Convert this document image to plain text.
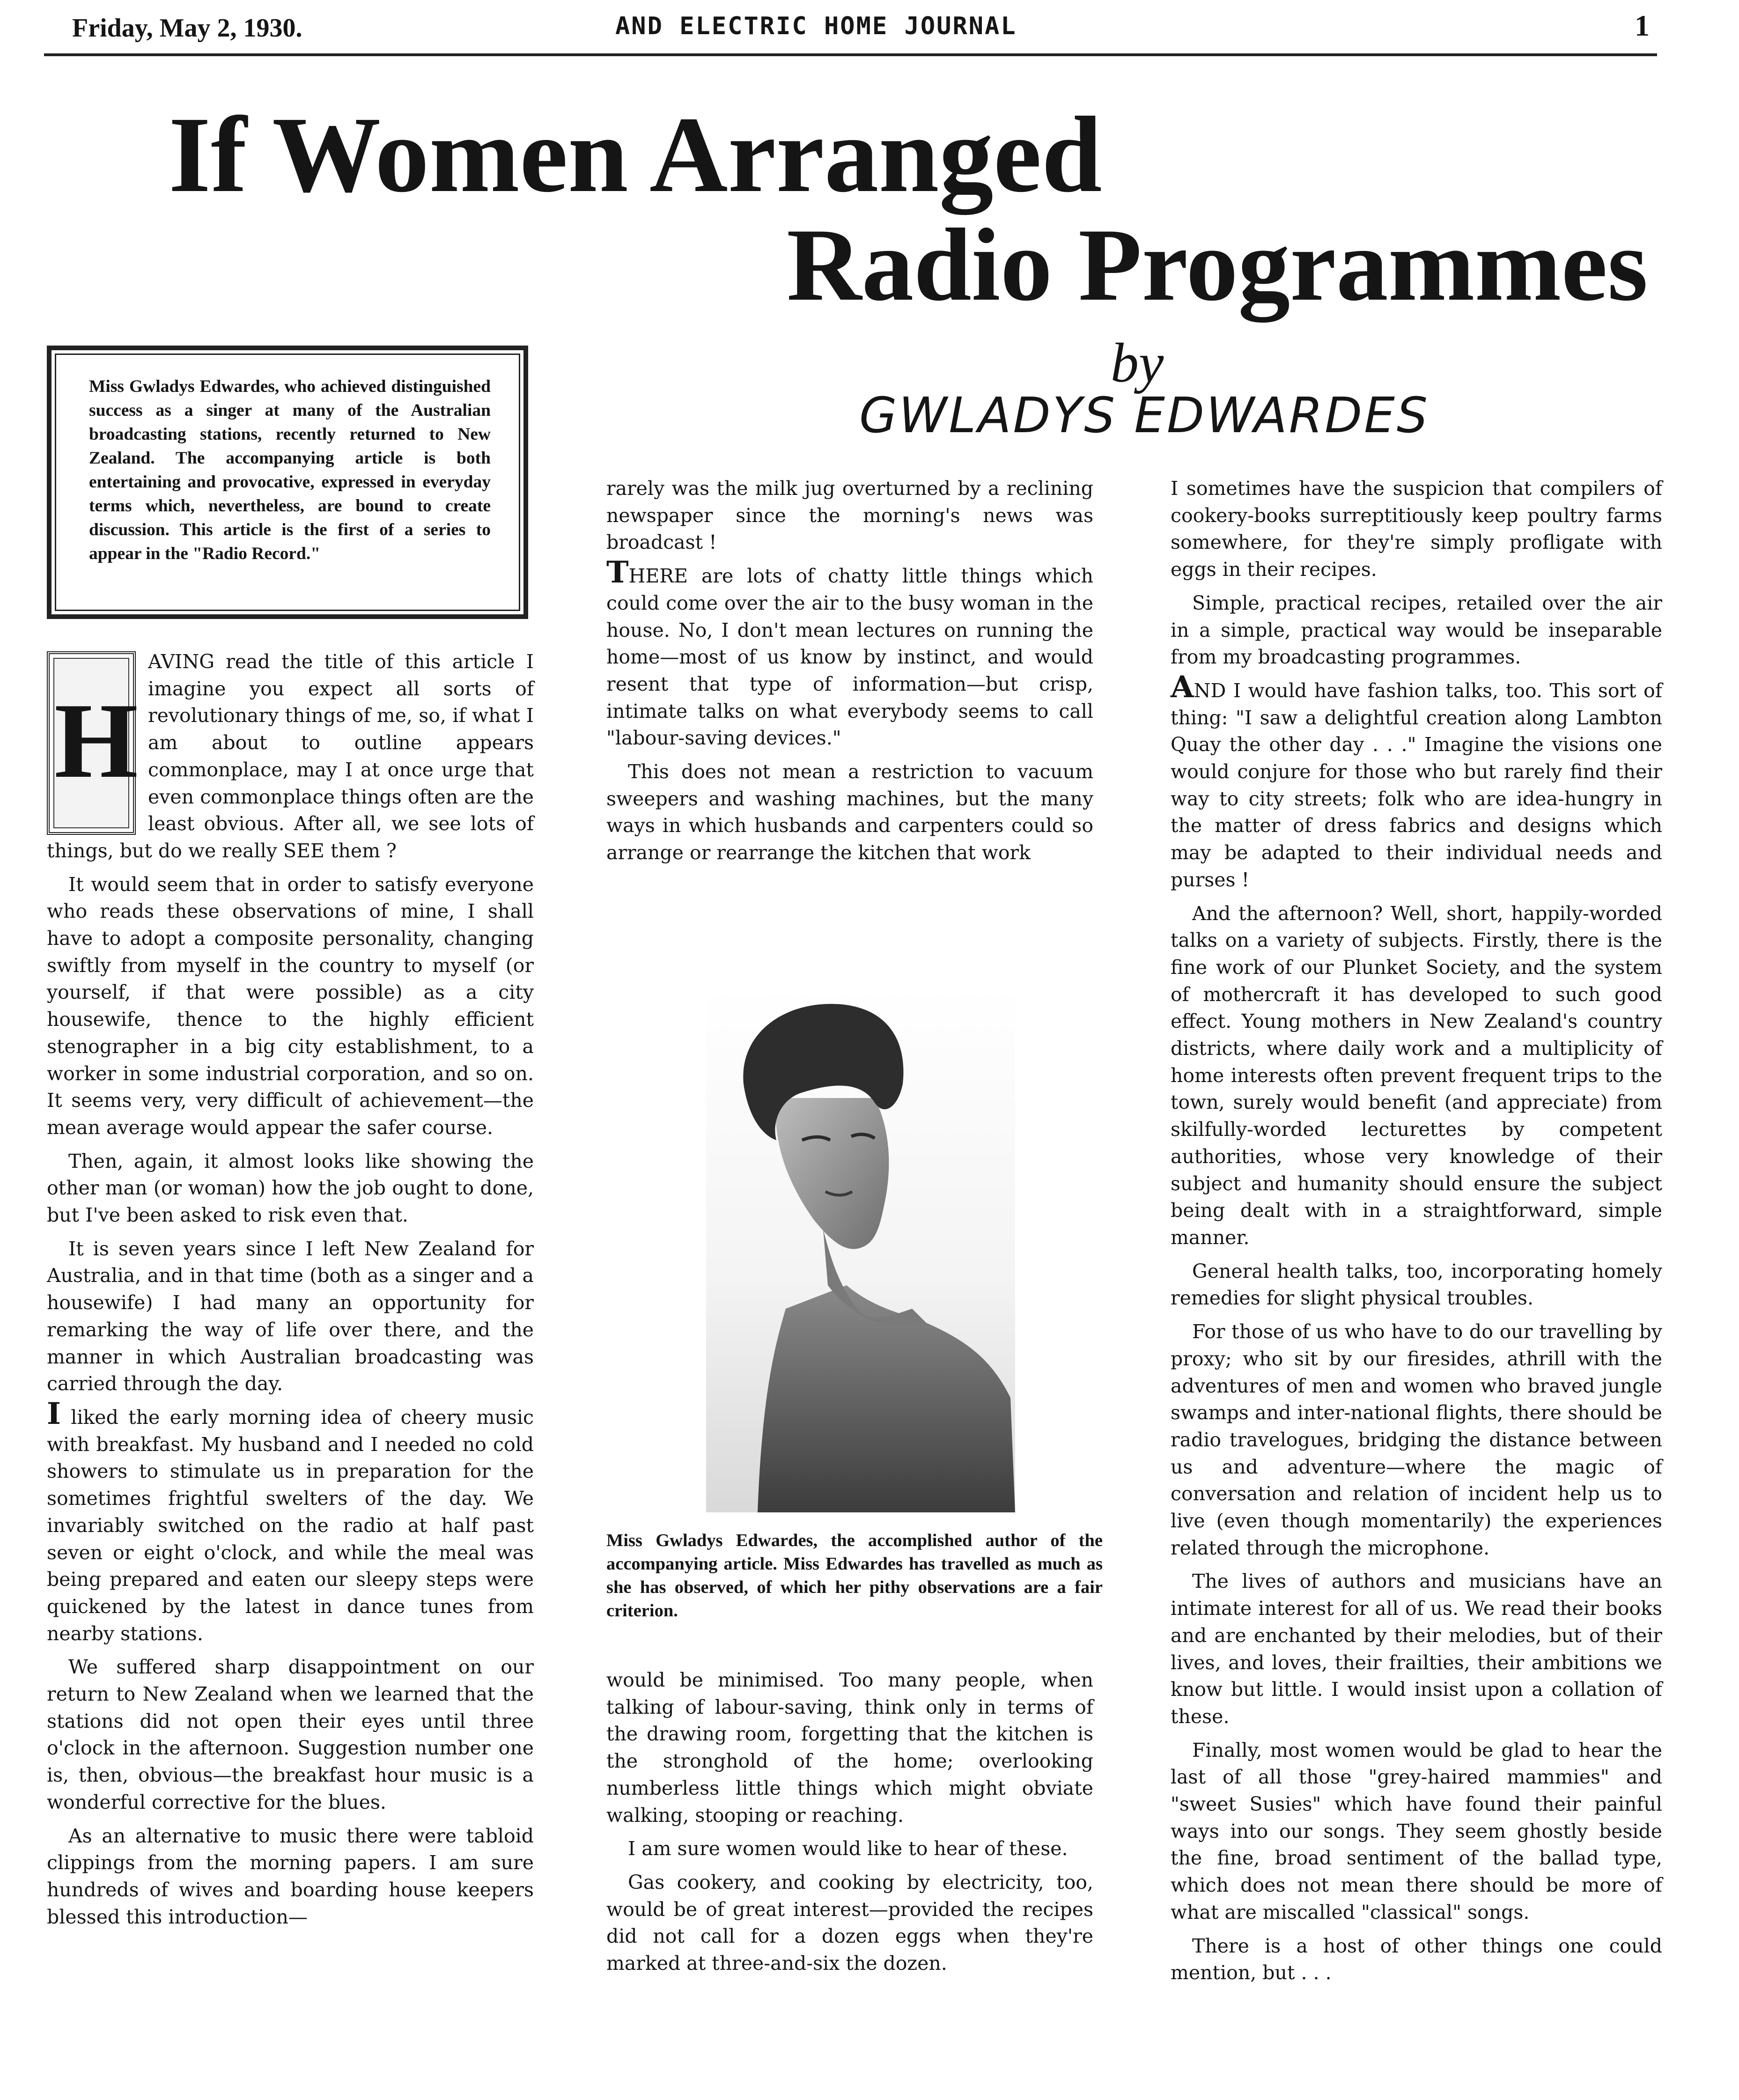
Friday, May 2, 1930.	AND ELECTRIC HOME JOURNAL	1
If Women Arranged
Radio Programmes
by
GWLADYS EDWARDES

Miss Gwladys Edwardes, who achieved distinguished success as a singer at many of the Australian broadcasting stations, recently returned to New Zealand. The accompanying article is both entertaining and provocative, expressed in everyday terms which, nevertheless, are bound to create discussion. This article is the first of a series to appear in the "Radio Record."

H

AVING read the title of this article I imagine you expect all sorts of revolutionary things of me, so, if what I am about to outline appears commonplace, may I at once urge that even commonplace things often are the least obvious. After all, we see lots of things, but do we really SEE them ?

It would seem that in order to satisfy everyone who reads these observations of mine, I shall have to adopt a composite personality, changing swiftly from myself in the country to myself (or yourself, if that were possible) as a city housewife, thence to the highly efficient stenographer in a big city establishment, to a worker in some industrial corporation, and so on. It seems very, very difficult of achievement—the mean average would appear the safer course.

Then, again, it almost looks like showing the other man (or woman) how the job ought to done, but I've been asked to risk even that.

It is seven years since I left New Zealand for Australia, and in that time (both as a singer and a housewife) I had many an opportunity for remarking the way of life over there, and the manner in which Australian broadcasting was carried through the day.

I liked the early morning idea of cheery music with breakfast. My husband and I needed no cold showers to stimulate us in preparation for the sometimes frightful swelters of the day. We invariably switched on the radio at half past seven or eight o'clock, and while the meal was being prepared and eaten our sleepy steps were quickened by the latest in dance tunes from nearby stations.

We suffered sharp disappointment on our return to New Zealand when we learned that the stations did not open their eyes until three o'clock in the afternoon. Suggestion number one is, then, obvious—the breakfast hour music is a wonderful corrective for the blues.

As an alternative to music there were tabloid clippings from the morning papers. I am sure hundreds of wives and boarding house keepers blessed this introduction—

rarely was the milk jug overturned by a reclining newspaper since the morning's news was broadcast !

THERE are lots of chatty little things which could come over the air to the busy woman in the house. No, I don't mean lectures on running the home—most of us know by instinct, and would resent that type of information—but crisp, intimate talks on what everybody seems to call "labour-saving devices."

This does not mean a restriction to vacuum sweepers and washing machines, but the many ways in which husbands and carpenters could so arrange or rearrange the kitchen that work

Miss Gwladys Edwardes, the accomplished author of the accompanying article. Miss Edwardes has travelled as much as she has observed, of which her pithy observations are a fair criterion.

would be minimised. Too many people, when talking of labour-saving, think only in terms of the drawing room, forgetting that the kitchen is the stronghold of the home; overlooking numberless little things which might obviate walking, stooping or reaching.

I am sure women would like to hear of these.

Gas cookery, and cooking by electricity, too, would be of great interest—provided the recipes did not call for a dozen eggs when they're marked at three-and-six the dozen.

I sometimes have the suspicion that compilers of cookery-books surreptitiously keep poultry farms somewhere, for they're simply profligate with eggs in their recipes.

Simple, practical recipes, retailed over the air in a simple, practical way would be inseparable from my broadcasting programmes.

AND I would have fashion talks, too. This sort of thing: "I saw a delightful creation along Lambton Quay the other day . . ." Imagine the visions one would conjure for those who but rarely find their way to city streets; folk who are idea-hungry in the matter of dress fabrics and designs which may be adapted to their individual needs and purses !

And the afternoon? Well, short, happily-worded talks on a variety of subjects. Firstly, there is the fine work of our Plunket Society, and the system of mothercraft it has developed to such good effect. Young mothers in New Zealand's country districts, where daily work and a multiplicity of home interests often prevent frequent trips to the town, surely would benefit (and appreciate) from skilfully-worded lecturettes by competent authorities, whose very knowledge of their subject and humanity should ensure the subject being dealt with in a straightforward, simple manner.

General health talks, too, incorporating homely remedies for slight physical troubles.

For those of us who have to do our travelling by proxy; who sit by our firesides, athrill with the adventures of men and women who braved jungle swamps and inter-national flights, there should be radio travelogues, bridging the distance between us and adventure—where the magic of conversation and relation of incident help us to live (even though momentarily) the experiences related through the microphone.

The lives of authors and musicians have an intimate interest for all of us. We read their books and are enchanted by their melodies, but of their lives, and loves, their frailties, their ambitions we know but little. I would insist upon a collation of these.

Finally, most women would be glad to hear the last of all those "grey-haired mammies" and "sweet Susies" which have found their painful ways into our songs. They seem ghostly beside the fine, broad sentiment of the ballad type, which does not mean there should be more of what are miscalled "classical" songs.

There is a host of other things one could mention, but . . .
